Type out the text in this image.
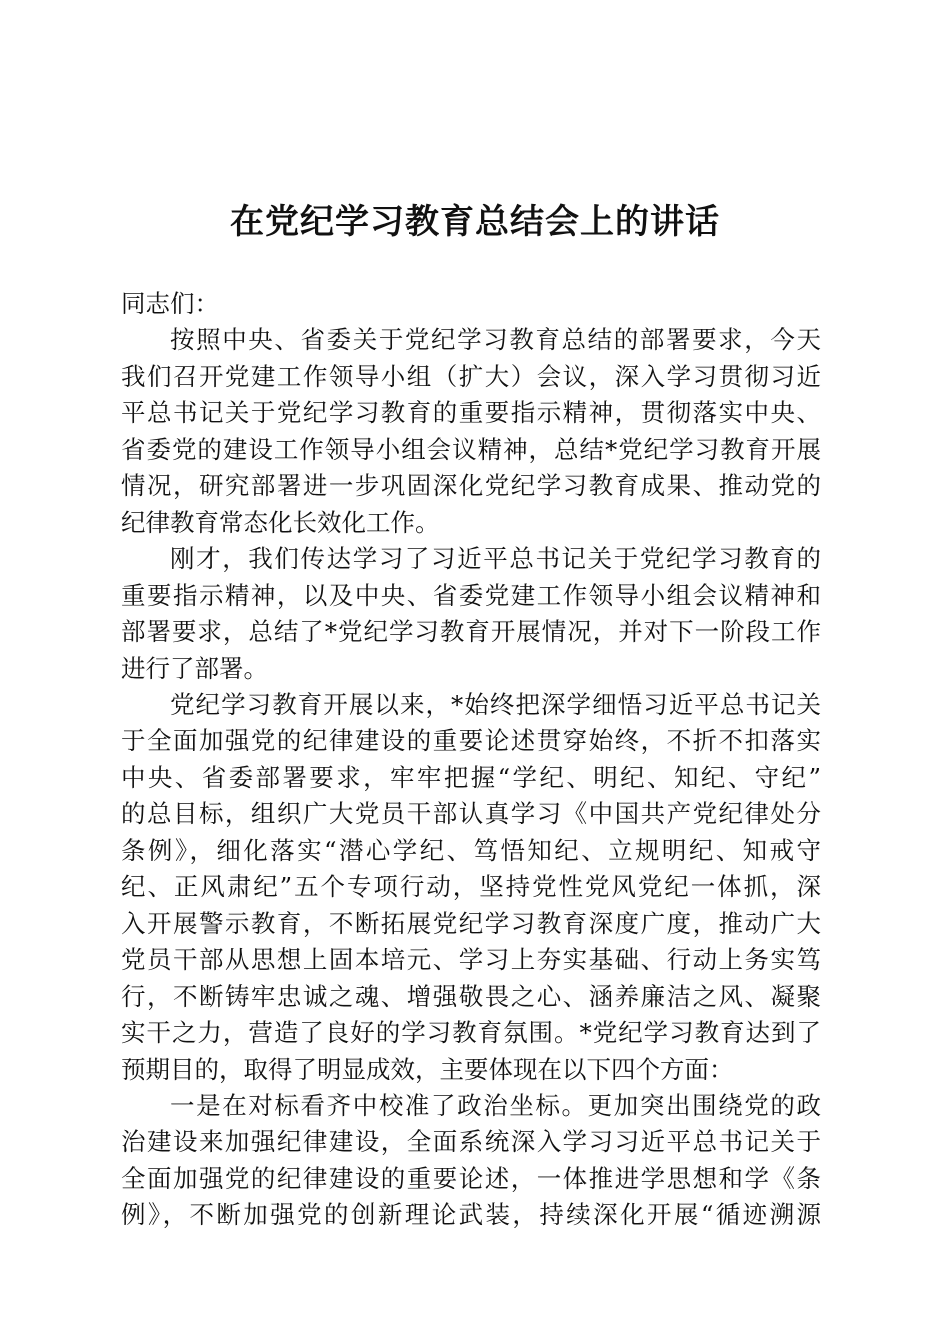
在党纪学习教育总结会上的讲话
同志们：
按照中央、省委关于党纪学习教育总结的部署要求，今天
我们召开党建工作领导小组（扩大）会议，深入学习贯彻习近
平总书记关于党纪学习教育的重要指示精神，贯彻落实中央、
省委党的建设工作领导小组会议精神，总结*党纪学习教育开展
情况，研究部署进一步巩固深化党纪学习教育成果、推动党的
纪律教育常态化长效化工作。
刚才，我们传达学习了习近平总书记关于党纪学习教育的
重要指示精神，以及中央、省委党建工作领导小组会议精神和
部署要求，总结了*党纪学习教育开展情况，并对下一阶段工作
进行了部署。
党纪学习教育开展以来，*始终把深学细悟习近平总书记关
于全面加强党的纪律建设的重要论述贯穿始终，不折不扣落实
中央、省委部署要求，牢牢把握“学纪、明纪、知纪、守纪”
的总目标，组织广大党员干部认真学习《中国共产党纪律处分
条例》，细化落实“潜心学纪、笃悟知纪、立规明纪、知戒守
纪、正风肃纪”五个专项行动，坚持党性党风党纪一体抓，深
入开展警示教育，不断拓展党纪学习教育深度广度，推动广大
党员干部从思想上固本培元、学习上夯实基础、行动上务实笃
行，不断铸牢忠诚之魂、增强敬畏之心、涵养廉洁之风、凝聚
实干之力，营造了良好的学习教育氛围。*党纪学习教育达到了
预期目的，取得了明显成效，主要体现在以下四个方面：
一是在对标看齐中校准了政治坐标。更加突出围绕党的政
治建设来加强纪律建设，全面系统深入学习习近平总书记关于
全面加强党的纪律建设的重要论述，一体推进学思想和学《条
例》，不断加强党的创新理论武装，持续深化开展“循迹溯源
